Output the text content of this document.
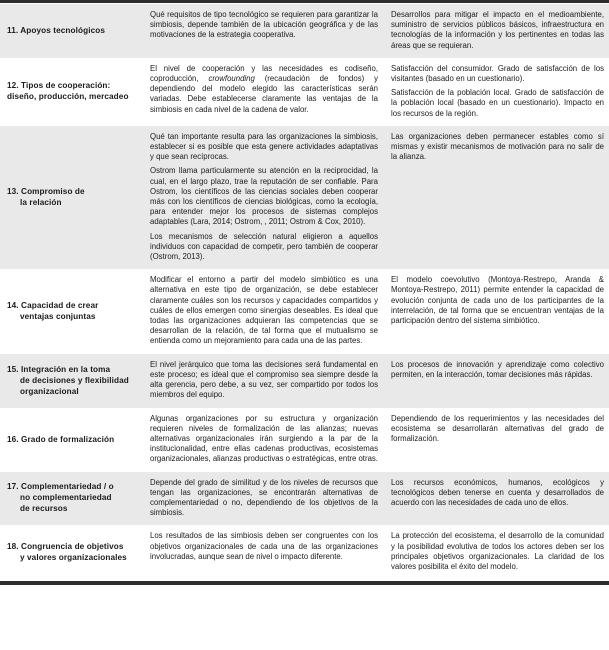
11. Apoyos tecnológicos

Qué requisitos de tipo tecnológico se requieren para garantizar la simbiosis, depende también de la ubicación geográfica y de las motivaciones de la estrategia cooperativa.

Desarrollos para mitigar el impacto en el medioambiente, suministro de servicios públicos básicos, infraestructura en tecnologías de la información y los pertinentes en todas las áreas que se requieran.

12. Tipos de cooperación:
diseño, producción, mercadeo

El nivel de cooperación y las necesidades es codiseño, coproducción, crowfounding (recaudación de fondos) y dependiendo del modelo elegido las características serán variadas. Debe establecerse claramente las ventajas de la simbiosis en cada nivel de la cadena de valor.

Satisfacción del consumidor. Grado de satisfacción de los visitantes (basado en un cuestionario).

Satisfacción de la población local. Grado de satisfacción de la población local (basado en un cuestionario). Impacto en los recursos de la región.

13. Compromiso de
la relación

Qué tan importante resulta para las organizaciones la simbiosis, establecer si es posible que esta genere actividades adaptativas y que sean recíprocas.

Ostrom llama particularmente su atención en la reciprocidad, la cual, en el largo plazo, trae la reputación de ser confiable. Para Ostrom, los científicos de las ciencias sociales deben cooperar más con los científicos de ciencias biológicas, como la ecología, para entender mejor los procesos de sistemas complejos adaptables (Lara, 2014; Ostrom, , 2011; Ostrom & Cox, 2010).

Los mecanismos de selección natural eligieron a aquellos individuos con capacidad de competir, pero también de cooperar (Ostrom, 2013).

Las organizaciones deben permanecer estables como sí mismas y existir mecanismos de motivación para no salir de la alianza.

14. Capacidad de crear
ventajas conjuntas

Modificar el entorno a partir del modelo simbiótico es una alternativa en este tipo de organización, se debe establecer claramente cuáles son los recursos y capacidades compartidos y cuáles de ellos emergen como sinergias deseables. Es ideal que todas las organizaciones adquieran las competencias que se desarrollan de la relación, de tal forma que el mutualismo se entienda como un mejoramiento para cada una de las partes.

El modelo coevolutivo (Montoya-Restrepo, Aranda & Montoya-Restrepo, 2011) permite entender la capacidad de evolución conjunta de cada uno de los participantes de la interrelación, de tal forma que se encuentran ventajas de la participación dentro del sistema simbiótico.

15. Integración en la toma
de decisiones y flexibilidad
organizacional

El nivel jerárquico que toma las decisiones será fundamental en este proceso; es ideal que el compromiso sea siempre desde la alta gerencia, pero debe, a su vez, ser compartido por todos los miembros del equipo.

Los procesos de innovación y aprendizaje como colectivo permiten, en la interacción, tomar decisiones más rápidas.

16. Grado de formalización

Algunas organizaciones por su estructura y organización requieren niveles de formalización de las alianzas; nuevas alternativas organizacionales irán surgiendo a la par de la institucionalidad, entre ellas cadenas productivas, ecosistemas organizacionales, alianzas productivas o estratégicas, entre otras.

Dependiendo de los requerimientos y las necesidades del ecosistema se desarrollarán alternativas del grado de formalización.

17. Complementariedad / o
no complementariedad
de recursos

Depende del grado de similitud y de los niveles de recursos que tengan las organizaciones, se encontrarán alternativas de complementariedad o no, dependiendo de los objetivos de la simbiosis.

Los recursos económicos, humanos, ecológicos y tecnológicos deben tenerse en cuenta y desarrollados de acuerdo con las necesidades de cada uno de ellos.

18. Congruencia de objetivos
y valores organizacionales

Los resultados de las simbiosis deben ser congruentes con los objetivos organizacionales de cada una de las organizaciones involucradas, aunque sean de nivel o impacto diferente.

La protección del ecosistema, el desarrollo de la comunidad y la posibilidad evolutiva de todos los actores deben ser los principales objetivos organizacionales. La claridad de los valores posibilita el éxito del modelo.
